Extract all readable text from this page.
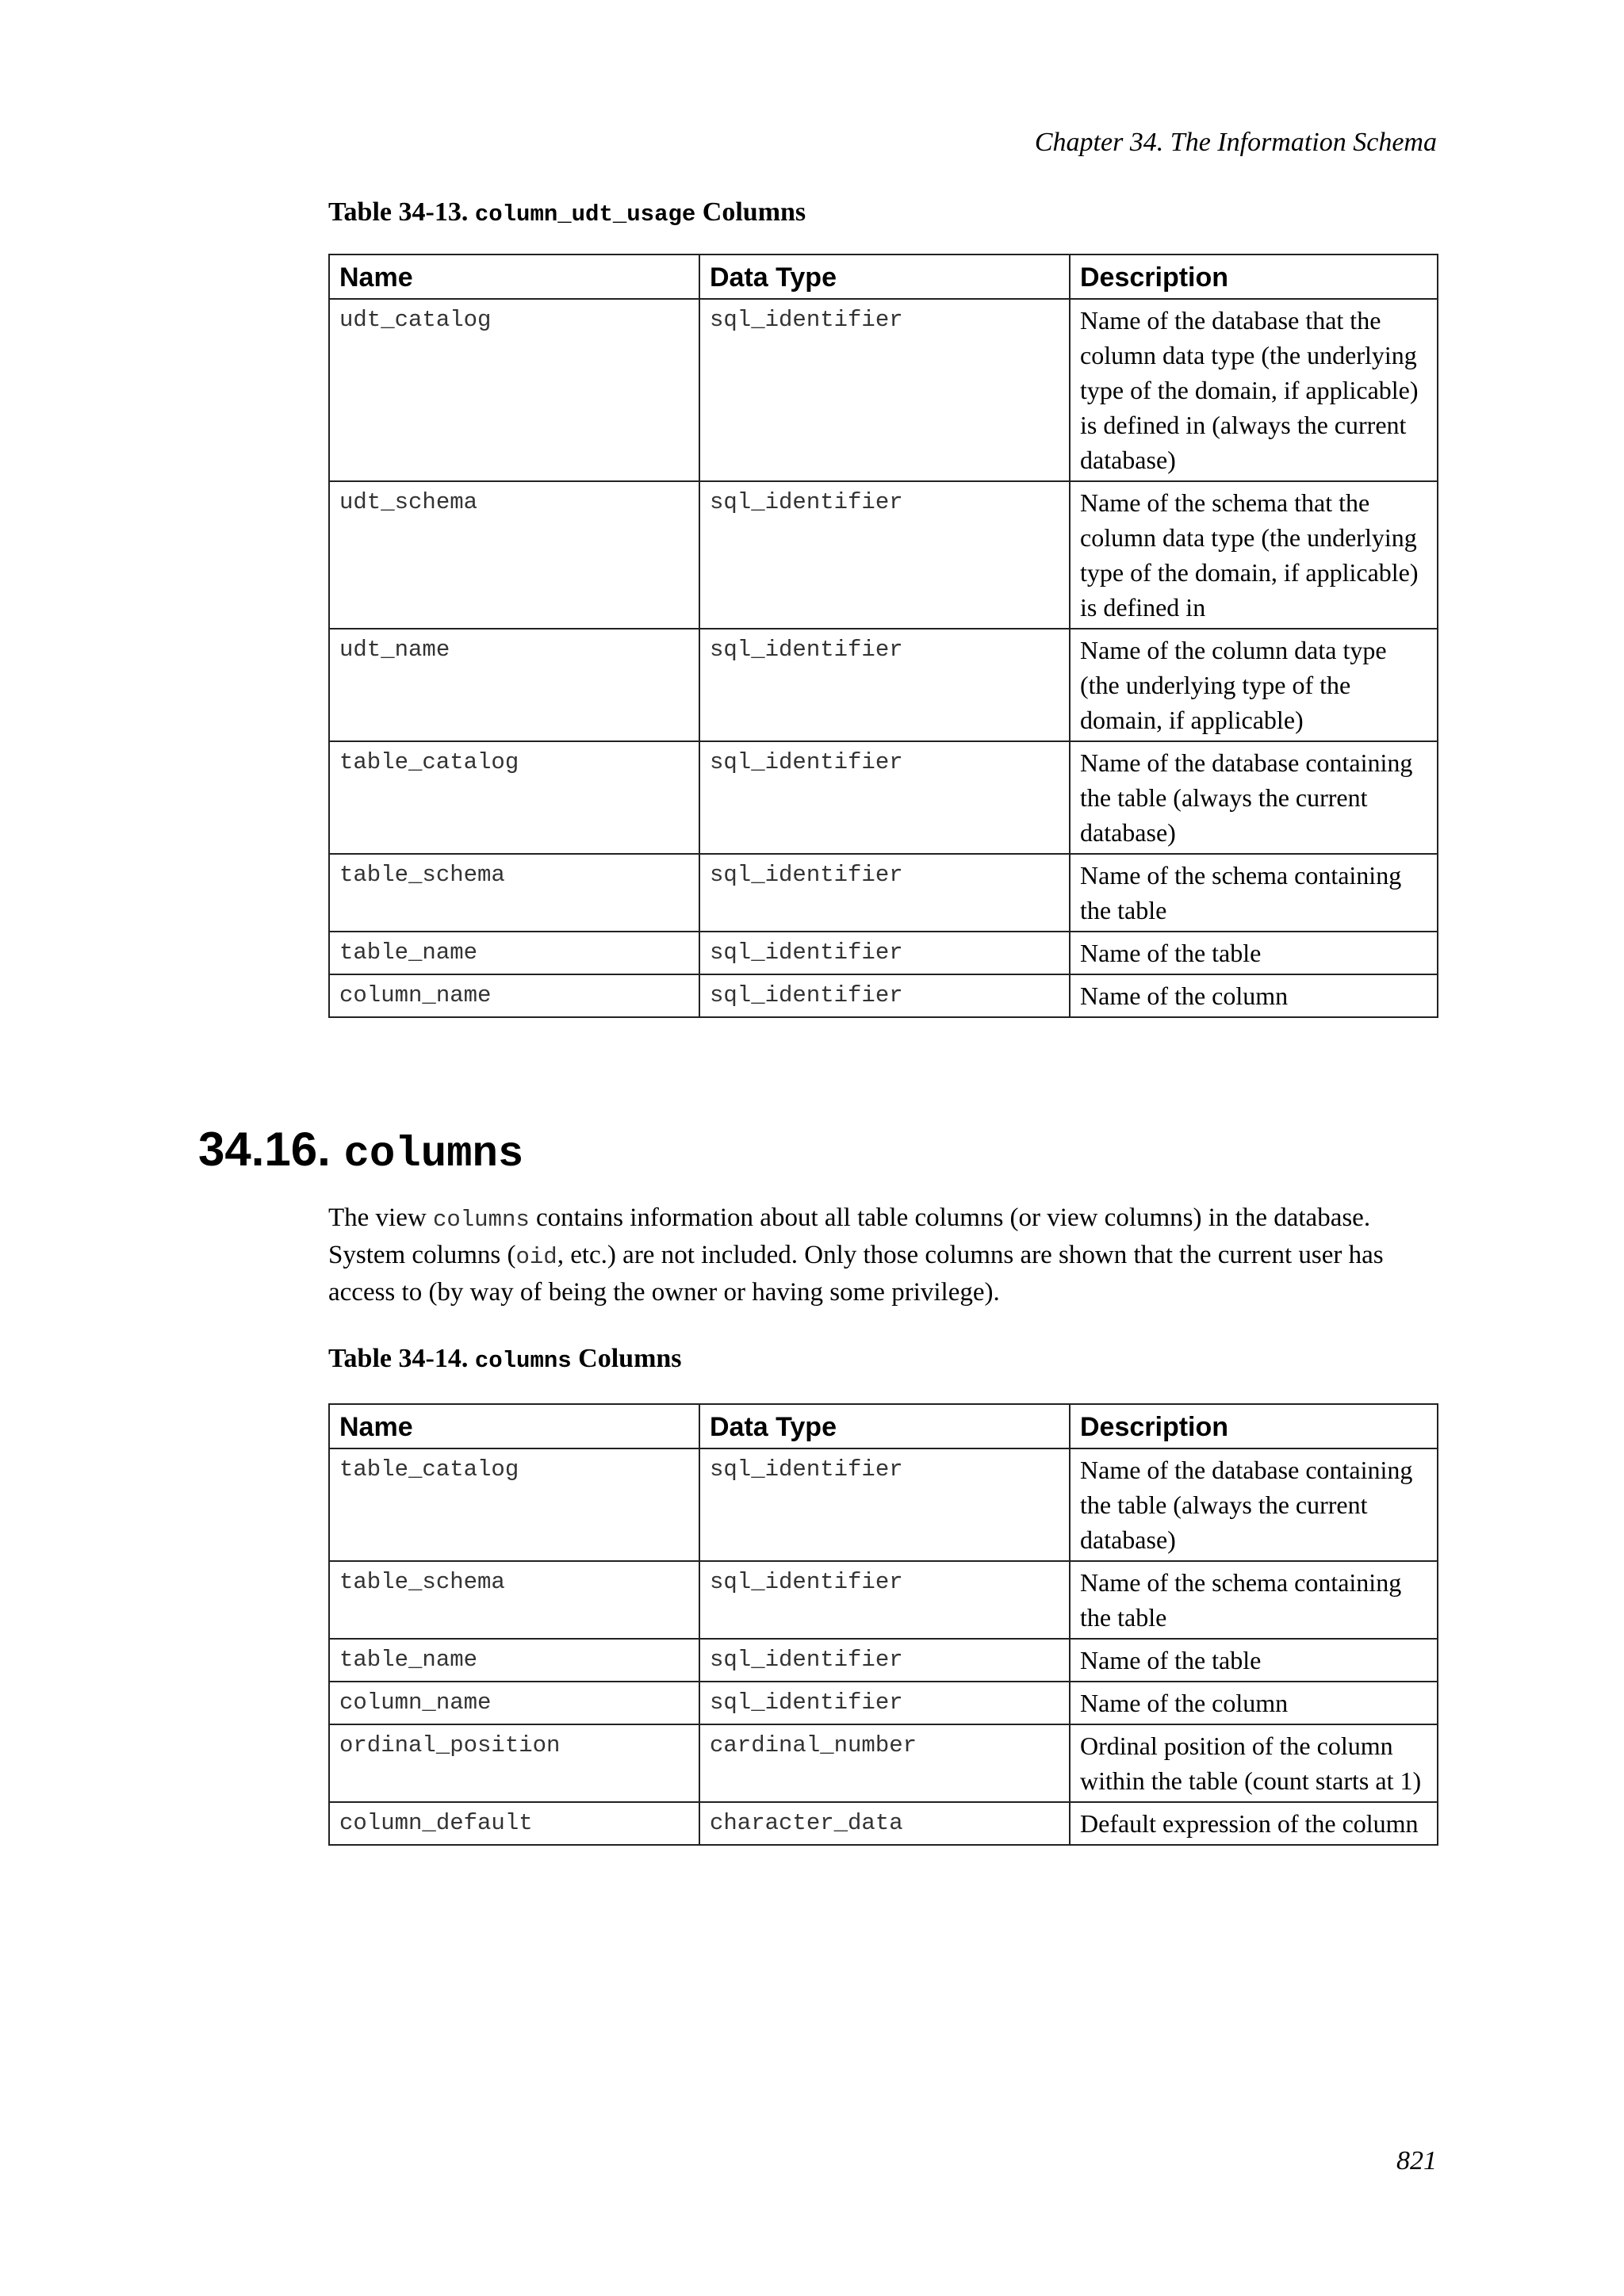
Chapter 34. The Information Schema

Table 34-13. column_udt_usage Columns

Name	Data Type	Description
udt_catalog	sql_identifier	Name of the database that the column data type (the underlying type of the domain, if applicable) is defined in (always the current database)
udt_schema	sql_identifier	Name of the schema that the column data type (the underlying type of the domain, if applicable) is defined in
udt_name	sql_identifier	Name of the column data type (the underlying type of the domain, if applicable)
table_catalog	sql_identifier	Name of the database containing the table (always the current database)
table_schema	sql_identifier	Name of the schema containing the table
table_name	sql_identifier	Name of the table
column_name	sql_identifier	Name of the column
34.16. columns

The view columns contains information about all table columns (or view columns) in the database. System columns (oid, etc.) are not included. Only those columns are shown that the current user has access to (by way of being the owner or having some privilege).

Table 34-14. columns Columns

Name	Data Type	Description
table_catalog	sql_identifier	Name of the database containing the table (always the current database)
table_schema	sql_identifier	Name of the schema containing the table
table_name	sql_identifier	Name of the table
column_name	sql_identifier	Name of the column
ordinal_position	cardinal_number	Ordinal position of the column within the table (count starts at 1)
column_default	character_data	Default expression of the column
821
